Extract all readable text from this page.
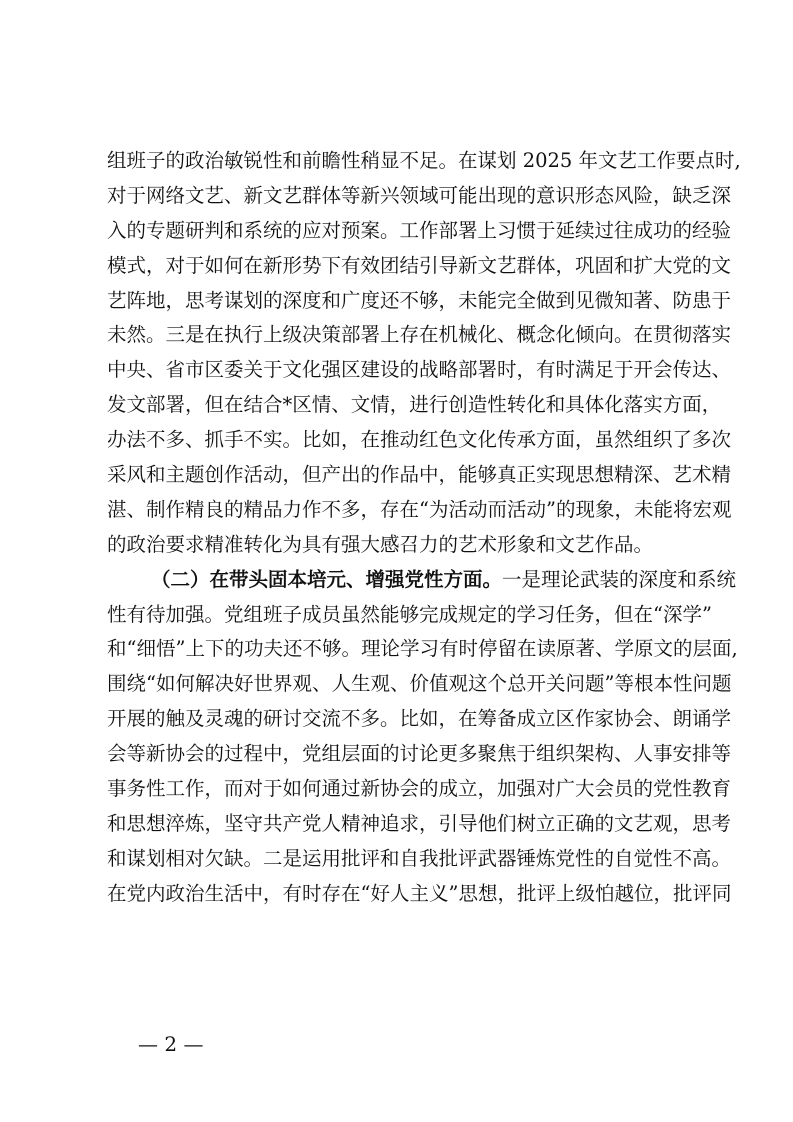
组班子的政治敏锐性和前瞻性稍显不足。在谋划 2025 年文艺工作要点时,
对于网络文艺、新文艺群体等新兴领域可能出现的意识形态风险，缺乏深
入的专题研判和系统的应对预案。工作部署上习惯于延续过往成功的经验
模式，对于如何在新形势下有效团结引导新文艺群体，巩固和扩大党的文
艺阵地，思考谋划的深度和广度还不够，未能完全做到见微知著、防患于
未然。三是在执行上级决策部署上存在机械化、概念化倾向。在贯彻落实
中央、省市区委关于文化强区建设的战略部署时，有时满足于开会传达、
发文部署，但在结合*区情、文情，进行创造性转化和具体化落实方面，
办法不多、抓手不实。比如，在推动红色文化传承方面，虽然组织了多次
采风和主题创作活动，但产出的作品中，能够真正实现思想精深、艺术精
湛、制作精良的精品力作不多，存在“为活动而活动”的现象，未能将宏观
的政治要求精准转化为具有强大感召力的艺术形象和文艺作品。
（二）在带头固本培元、增强党性方面。一是理论武装的深度和系统
性有待加强。党组班子成员虽然能够完成规定的学习任务，但在“深学”
和“细悟”上下的功夫还不够。理论学习有时停留在读原著、学原文的层面,
围绕“如何解决好世界观、人生观、价值观这个总开关问题”等根本性问题
开展的触及灵魂的研讨交流不多。比如，在筹备成立区作家协会、朗诵学
会等新协会的过程中，党组层面的讨论更多聚焦于组织架构、人事安排等
事务性工作，而对于如何通过新协会的成立，加强对广大会员的党性教育
和思想淬炼，坚守共产党人精神追求，引导他们树立正确的文艺观，思考
和谋划相对欠缺。二是运用批评和自我批评武器锤炼党性的自觉性不高。
在党内政治生活中，有时存在“好人主义”思想，批评上级怕越位，批评同
— 2 —
